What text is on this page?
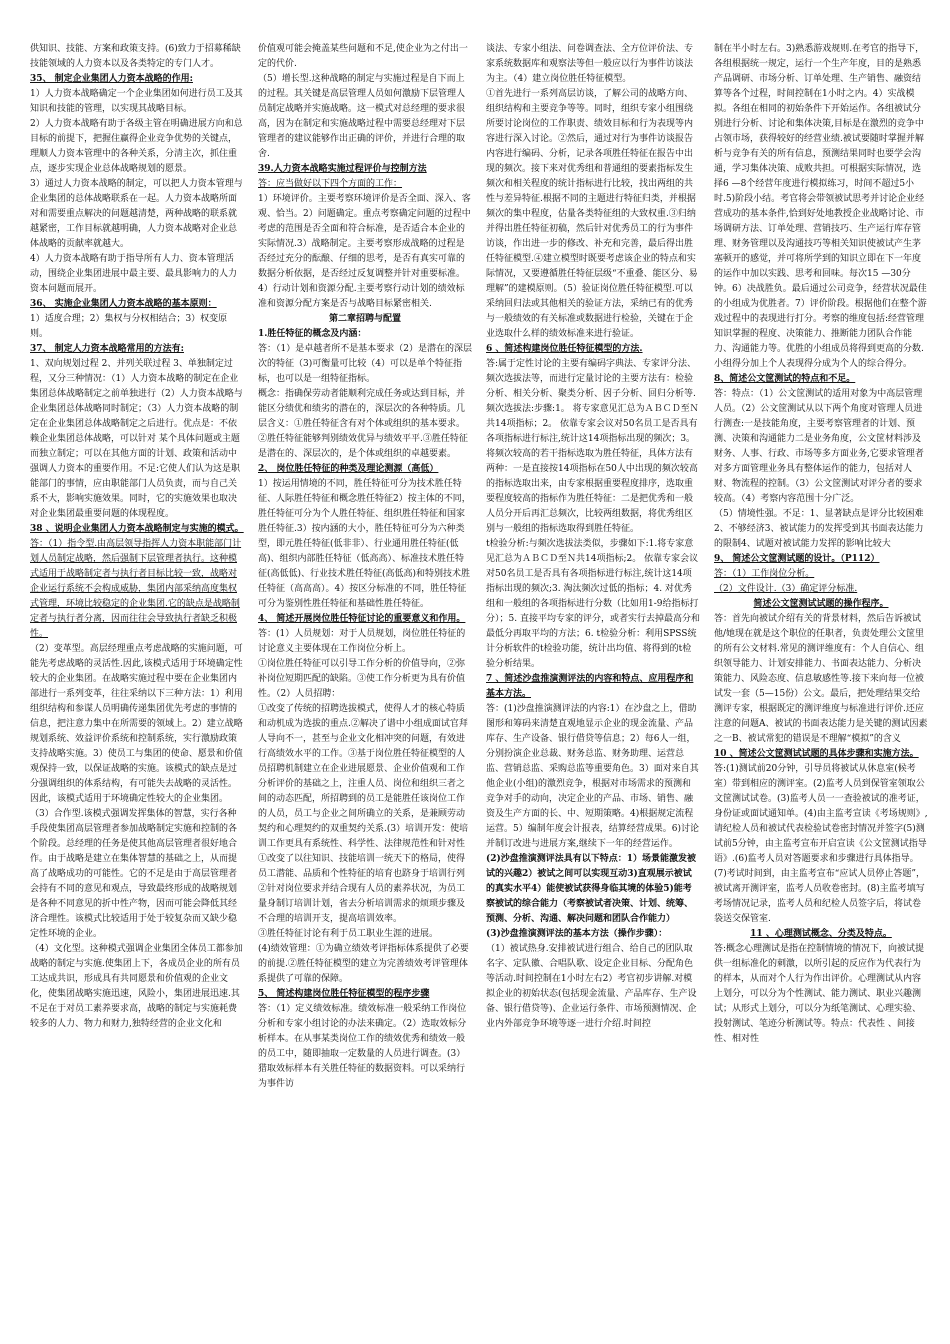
供知识、技能、方案和政策支持。(6)致力于招募稀缺技能领域的人力资本以及各类特定的专门人才。

35、 制定企业集团人力资本战略的作用:

1）人力资本战略确定一个企业集团如何进行员工及其知识和技能的管理，以实现其战略目标。

2）人力资本战略有助于各级主管在明确进展方向和总目标的前提下，把握住赢得企业竞争优势的关键点，理顺人力资本管理中的各种关系，分清主次，抓住重点，逐步实现企业总体战略规划的愿景。

3）通过人力资本战略的制定，可以把人力资本管理与企业集团的总体战略联系在一起。人力资本战略所面对和需要重点解决的问题越清楚，两种战略的联系就越紧密，工作目标就越明确，人力资本战略对企业总体战略的贡献率就越大。

4）人力资本战略有助于指导所有人力、资本管理活动，围绕企业集团进展中最主要、最具影响力的人力资本问题而展开。

36、 实施企业集团人力资本战略的基本原则：

1）适度合理；2）集权与分权相结合；3）权变原则。

37、 制定人力资本战略常用的方法有:

1、双向规划过程 2、并列关联过程 3、单独制定过程，又分三种情况：（1）人力资本战略的制定在企业集团总体战略制定之前单独进行（2）人力资本战略与企业集团总体战略同时制定；（3）人力资本战略的制定在企业集团总体战略制定之后进行。优点是：不依赖企业集团总体战略，可以针对 某个具体问题或主题而独立制定；可以在其他方面的计划、政策和活动中强调人力资本的重要作用。不足:它使人们认为这是职能部门的事情，应由职能部门人员负责，而与自己关系不大，影响实施效果。同时，它的实施效果也取决对企业集团最重要问题的体现程度。

38 、说明企业集团人力资本战略制定与实施的模式。

答：（1）指令型.由高层领导指挥人力资本职能部门计划人员制定战略，然后强制下层管理者执行。这种模式适用于战略制定者与执行者目标比较一致，战略对企业运行系统不会构成威胁，集团内部采纳高度集权式管理，环境比较稳定的企业集团.它的缺点是战略制定者与执行者分离，因而往往会导致执行者缺乏积极性。

（2）变革型。高层经理重点考虑战略的实施问题，可能先考虑战略的灵活性.因此,该模式适用于环境确定性较大的企业集团。在战略实施过程中要在企业集团内部进行一系列变革，往往采纳以下三种方法：1）利用组织结构和参谋人员明确传递集团优先考虑的事情的信息，把注意力集中在所需要的领域上。2）建立战略规划系统、效益评价系统和控制系统，实行激励政策支持战略实施。3）使员工与集团的使命、愿景和价值观保持一致，以保证战略的实施。该模式的缺点是过分强调组织的体系结构，有可能失去战略的灵活性。因此，该模式适用于环境确定性较大的企业集团。

（3）合作型.该模式强调发挥集体的智慧，实行各种手段使集团高层管理者参加战略制定实施和控制的各个阶段。总经理的任务是使其他高层管理者很好地合作。由于战略是建立在集体智慧的基础之上，从而提高了战略成功的可能性。它的不足是由于高层管理者会持有不同的意见和观点，导致最终形成的战略规划是各种不同意见的折中性产物，因而可能会降低其经济合理性。该模式比较适用于处于较复杂而又缺少稳定性环境的企业。

（4）文化型。这种模式强调企业集团全体员工都参加战略的制定与实施.使集团上下，各成员企业的所有员工达成共识，形成具有共同愿景和价值观的企业文化，使集团战略实施迅速，风险小，集团进展迅速.其不足在于对员工素养要求高，战略的制定与实施耗费较多的人力、物力和财力,独特经营的企业文化和

价值观可能会掩盖某些问题和不足,使企业为之付出一定的代价.

（5）增长型.这种战略的制定与实施过程是自下而上的过程。其关键是高层管理人员如何激励下层管理人员制定战略并实施战略。这一模式对总经理的要求很高，因为在制定和实施战略过程中需要总经理对下层管理者的建议能够作出正确的评价，并进行合理的取舍.

39.人力资本战略实施过程评价与控制方法

答：应当做好以下四个方面的工作：

1）环境评价。主要考察环境评价是否全面、深入、客观、恰当。2）问题确定。重点考察确定问题的过程中考虑的范围是否全面和符合标准，是否适合本企业的实际情况.3）战略制定。主要考察形成战略的过程是否经过充分的酝酿、仔细的思考，是否有真实可靠的数据分析依据，是否经过反复调整并针对重要标准。

4）行动计划和资源分配.主要考察行动计划的绩效标准和资源分配方案是否与战略目标紧密相关.

第二章招聘与配置

1.胜任特征的概念及内涵：

答：（1）是卓越者所不是基本要求（2）是潜在的深层次的特征（3)可衡量可比较（4）可以是单个特征指标，也可以是一组特征指标。

概念：指确保劳动者能顺利完成任务或达到目标，并能区分绩优和绩劣的潜在的，深层次的各种特质。几层含义：①胜任特征含有对个体或组织的基本要求。②胜任特征能够判别绩效优异与绩效平平.③胜任特征是潜在的、深层次的，是个体或组织的卓越要素。

2、 岗位胜任特征的种类及理论测源（高低）

1）按运用情境的不同，胜任特征可分为技术胜任特征、人际胜任特征和概念胜任特征2）按主体的不同，胜任特征可分为个人胜任特征、组织胜任特征和国家胜任特征.3）按内涵的大小，胜任特征可分为六种类型，即元胜任特征(低非非）、行业通用胜任特征(低高)、组织内部胜任特征（低高高）、标准技术胜任特征(高低低)、行业技术胜任特征(高低高)和特别技术胜任特征（高高高）。4）按区分标准的不同，胜任特征可分为鉴别性胜任特征和基础性胜任特征。

4、 简述开展岗位胜任特征讨论的重要意义和作用。

答：(1）人员规划：对于人员规划，岗位胜任特征的讨论意义主要体现在工作岗位分析上。

①岗位胜任特征可以引导工作分析的价值导向，②弥补岗位短期匹配的缺陷。③使工作分析更为具有价值性。（2）人员招聘：

①改变了传统的招聘选拔模式，使得人才的核心特质和动机成为选拔的重点.②解决了谱中小组成面试官拜人导向不一，甚至与企业文化相冲突的问题，有效进行高绩效水平的工作。③基于岗位胜任特征模型的人员招聘机制建立在企业进展愿景、企业价值观和工作分析评价的基础之上，注重人员、岗位和组织三者之间的动态匹配，所招聘到的员工是能胜任该岗位工作的人员，员工与企业之间所确立的关系，是兼顾劳动契约和心理契约的双重契约关系.(3）培训开发：使培训工作更具有系统性、科学性、法律规范性和针对性①改变了以往知识、技能培训一统天下的格局，使得员工潜能、品质和个性特征的培育也跻身于培训行列②针对岗位要求并结合现有人员的素养状况，为员工量身制订培训计划，省去分析培训需求的烦琐步骤及不合理的培训开支，提高培训效率。

③胜任特征讨论有利于员工职业生涯的进展。

(4)绩效管理：①为确立绩效考评指标体系提供了必要的前提.②胜任特征模型的建立为完善绩效考评管理体系提供了可靠的保障。

5、 简述构建岗位胜任特征模型的程序步骤

答：（1）定义绩效标准。绩效标准一般采纳工作岗位分析和专家小组讨论的办法来确定。（2）选取效标分析样本。在从事某类岗位工作的绩效优秀和绩效一般的员工中，随即抽取一定数量的人员进行调查。(3）猎取效标样本有关胜任特征的数据资料。可以采纳行为事件访

谈法、专家小组法、问卷调查法、全方位评价法、专家系统数据库和观察法等但一般应以行为事件访谈法为主。（4）建立岗位胜任特征模型。

①首先进行一系列高层访谈，了解公司的战略方向、组织结构和主要竞争等等。同时，组织专家小组围绕所要讨论岗位的工作职责、绩效目标和行为表现等内容进行深入讨论。②然后，通过对行为事件访谈报告内容进行编码、分析，记录各项胜任特征在报告中出现的频次。接下来对优秀组和普通组的要素指标发生频次和相关程度的统计指标进行比较，找出两组的共性与差异特征.根据不同的主题进行特征归类，并根据频次的集中程度，估量各类特征组的大致权重.③归纳并得出胜任特征初稿，然后针对优秀员工的行为事件访谈，作出进一步的修改、补充和完善，最后得出胜任特征模型.④建立模型时既要考虑该企业的特点和实际情况，又要遵循胜任特征层级“不重叠、能区分、易理解”的建模原则。（5）验证岗位胜任特征模型.可以采纳回归法或其他相关的验证方法，采纳已有的优秀与一般绩效的有关标准或数据进行检验，关键在于企业选取什么样的绩效标准来进行验证。

6 、简述构建岗位胜任特征模型的方法.

答:属于定性讨论的主要有编码字典法、专家评分法、频次选拔法等，而进行定量讨论的主要方法有：检验分析、相关分析、聚类分析、因子分析、回归分析等.

频次选拔法:步骤:1。 将专家意见汇总为ＡＢＣＤ至Ｎ共14项指标；2。 依靠专家会议对50名员工是否具有各项指标进行标注,统计这14项指标出现的频次；3。将频次较高的若干指标选取为胜任特征，具体方法有两种：一是直接按14项指标在50人中出现的频次较高的指标选取出来，由专家根据重要程度排序，选取重要程度较高的指标作为胜任特征：二是把优秀和一般人员分开后再汇总频次，比较两组数据，将优秀组区别与一般组的指标选取得到胜任特征。

t检验分析:与频次选拔法类似，步骤如下:1.将专家意见汇总为ＡＢＣＤ至Ｎ共14项指标;2。 依靠专家会议对50名员工是否具有各项指标进行标注,统计这14项指标出现的频次;3. 淘汰频次过低的指标；4. 对优秀组和一般组的各项指标进行分数（比如用1-9给指标打分）；5. 直接平均专家的评分，或者实行去掉最高分和最低分再取平均的方法；6. t检验分析：利用SPSS统计分析软件的t检验功能，统计出均值、将得到的t检验分析结果。

7 、简述沙盘推演测评法的内容和特点、应用程序和基本方法。

答：(1)沙盘推演测评法的内容:1）在沙盘之上，借助图形和筹码来清楚直观地显示企业的现金流量、产品库存、生产设备、银行借贷等信息；2）每6人一组，分别扮演企业总裁、财务总监、财务助理、运营总监、营销总监、采购总监等重要角色。3）面对来自其他企业(小组)的激烈竞争，根据对市场需求的预测和竞争对手的动向，决定企业的产品、市场、销售、融资及生产方面的长、中、短期策略。4)根据规定流程运营。5）编制年度会计报表，结算经营成果。6)讨论并制订改进与进展方案,继续下一年的经营运作。

(2)沙盘推演测评法具有以下特点：1）场景能激发被试的兴趣2）被试之间可以实现互动3)直观展示被试的真实水平4）能使被试获得身临其境的体验5)能考察被试的综合能力（考察被试者决策、计划、统筹、预测、分析、沟通、解决问题和团队合作能力）

(3)沙盘推演测评法的基本方法（操作步骤）：

（1）被试热身.安排被试进行组合、给自己的团队取名字、定队徽、合唱队歌、设定企业目标、分配角色等活动.时间控制在1小时左右2）考官初步讲解.对模拟企业的初始状态(包括现金流量、产品库存、生产设备、银行借贷等)、企业运行条件、市场预测情况、企业内外部竞争环境等逐一进行介绍.时间控

制在半小时左右。3)熟悉游戏规则.在考官的指导下，各组根据统一规定，运行一个生产年度，目的是熟悉产品调研、市场分析、订单处理、生产销售、融资结算等各个过程，时间控制在1小时之内。4）实战模拟。各组在相同的初始条件下开始运作。各组被试分别进行分析、讨论和集体决策,目标是在激烈的竞争中占领市场，获得较好的经营业绩.被试要随时掌握并解析与竞争有关的所有信息，预测结果同时也要学会沟通，学习集体决策、成败共担。可根据实际情况，选择6 —8个经营年度进行模拟练习，时间不超过5小时.5)阶段小结。考官将会带领被试思考并讨论企业经营成功的基本条件,恰到好处地教授企业战略讨论、市场调研方法、订单处理、营销技巧、生产运行库存管理、财务管理以及沟通技巧等相关知识使被试产生茅塞顿开的感觉，并可将所学到的知识立即在下一年度的运作中加以实践、思考和回味。每次15 —30分钟。6）决战胜负。最后通过公司竞争，经营状况最佳的小组成为优胜者。7）评价阶段。根据他们在整个游戏过程中的表现进行打分。考察的维度包括:经营管理知识掌握的程度、决策能力、推断能力团队合作能力、沟通能力等。优胜的小组成员将得到更高的分数.小组得分加上个人表现得分成为个人的综合得分。

8、简述公文筐测试的特点和不足。

答：特点：（1）公文筐测试的适用对象为中高层管理人员。（2）公文筐测试从以下两个角度对管理人员进行测查:一是技能角度，主要考察管理者的计划、预测、决策和沟通能力二是业务角度，公文筐材料涉及财务、人事、行政、市场等多方面业务,它要求管理者对多方面管理业务具有整体运作的能力，包括对人财、物流程的控制。（3）公文筐测试对评分者的要求较高。（4）考察内容范围十分广泛。

（5）情境性强。不足：1、显著缺点是评分比较困难2、不够经济3、被试能力的发挥受到其书面表达能力的限制4、试题对被试能力发挥的影响比较大

9、 简述公文筐测试题的设计。（P112）

答：（1）工作岗位分析。

（2）文件设计.（3）确定评分标准.

简述公文筐测试试题的操作程序。

答：首先向被试介绍有关的背景材料，然后告诉被试他/她现在就是这个职位的任职者，负责处理公文筐里的所有公文材料.常见的测评维度有：个人自信心、组织领导能力、计划安排能力、书面表达能力、分析决策能力、风险态度、信息敏感性等.接下来向每一位被试发一套（5—15份）公文。最后，把处理结果交给测评专家，根据既定的测评维度与标准进行评价.还应注意的问题A、被试的书面表达能力是关键的测试因素之一B、被试常犯的错误是不理解“模拟”的含义

10 、简述公文筐测试试题的具体步骤和实施方法。

答:(1)测试前20分钟，引导员将被试从休息室(候考室）带到相应的测评室。(2)监考人员到保管室领取公文筐测试试卷。(3)监考人员一一查验被试的准考证，身份证或面试通知单。(4)由主监考宣读《考场规则》,请纪检人员和被试代表检验试卷密封情况并签字(5)测试前5分钟，由主监考宣布开启宣读《公文筐测试指导语》.(6)监考人员对答题要求和步骤进行具体指导。(7)考试时间到，由主监考宣布“应试人员停止答题”，被试离开测评室，监考人员收卷密封。(8)主监考填写考场情况记录，监考人员和纪检人员签字后，将试卷袋送交保管室.

11 、心理测试概念、分类及特点。

答:概念心理测试是指在控制情境的情况下，向被试提供一组标准化的刺激，以所引起的反应作为代表行为的样本，从而对个人行为作出评价。心理测试从内容上划分，可以分为个性测试、能力测试、职业兴趣测试；从形式上划分，可以分为纸笔测试、心理实验、投射测试、笔迹分析测试等。特点：代表性 、间接性、相对性
